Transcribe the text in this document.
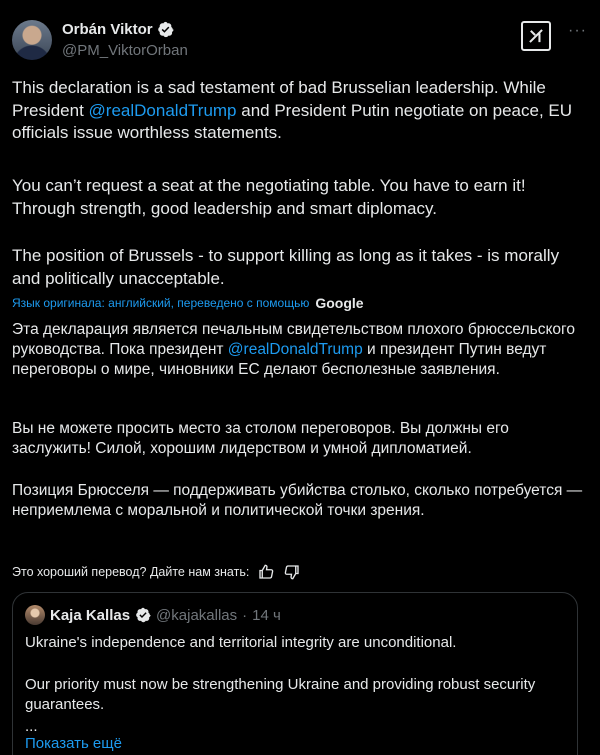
Orbán Viktor
@PM_ViktorOrban
···
This declaration is a sad testament of bad Brusselian leadership. While President @realDonaldTrump and President Putin negotiate on peace, EU officials issue worthless statements.
You can’t request a seat at the negotiating table. You have to earn it! Through strength, good leadership and smart diplomacy.
The position of Brussels - to support killing as long as it takes - is morally and politically unacceptable.
Язык оригинала: английский, переведено с помощью Google
Эта декларация является печальным свидетельством плохого брюссельского руководства. Пока президент @realDonaldTrump и президент Путин ведут переговоры о мире, чиновники ЕС делают бесполезные заявления.
Вы не можете просить место за столом переговоров. Вы должны его заслужить! Силой, хорошим лидерством и умной дипломатией.
Позиция Брюсселя — поддерживать убийства столько, сколько потребуется — неприемлема с моральной и политической точки зрения.
Это хороший перевод? Дайте нам знать:
Kaja Kallas @kajakallas · 14 ч
Ukraine's independence and territorial integrity are unconditional.
Our priority must now be strengthening Ukraine and providing robust security guarantees.
...
Показать ещё
